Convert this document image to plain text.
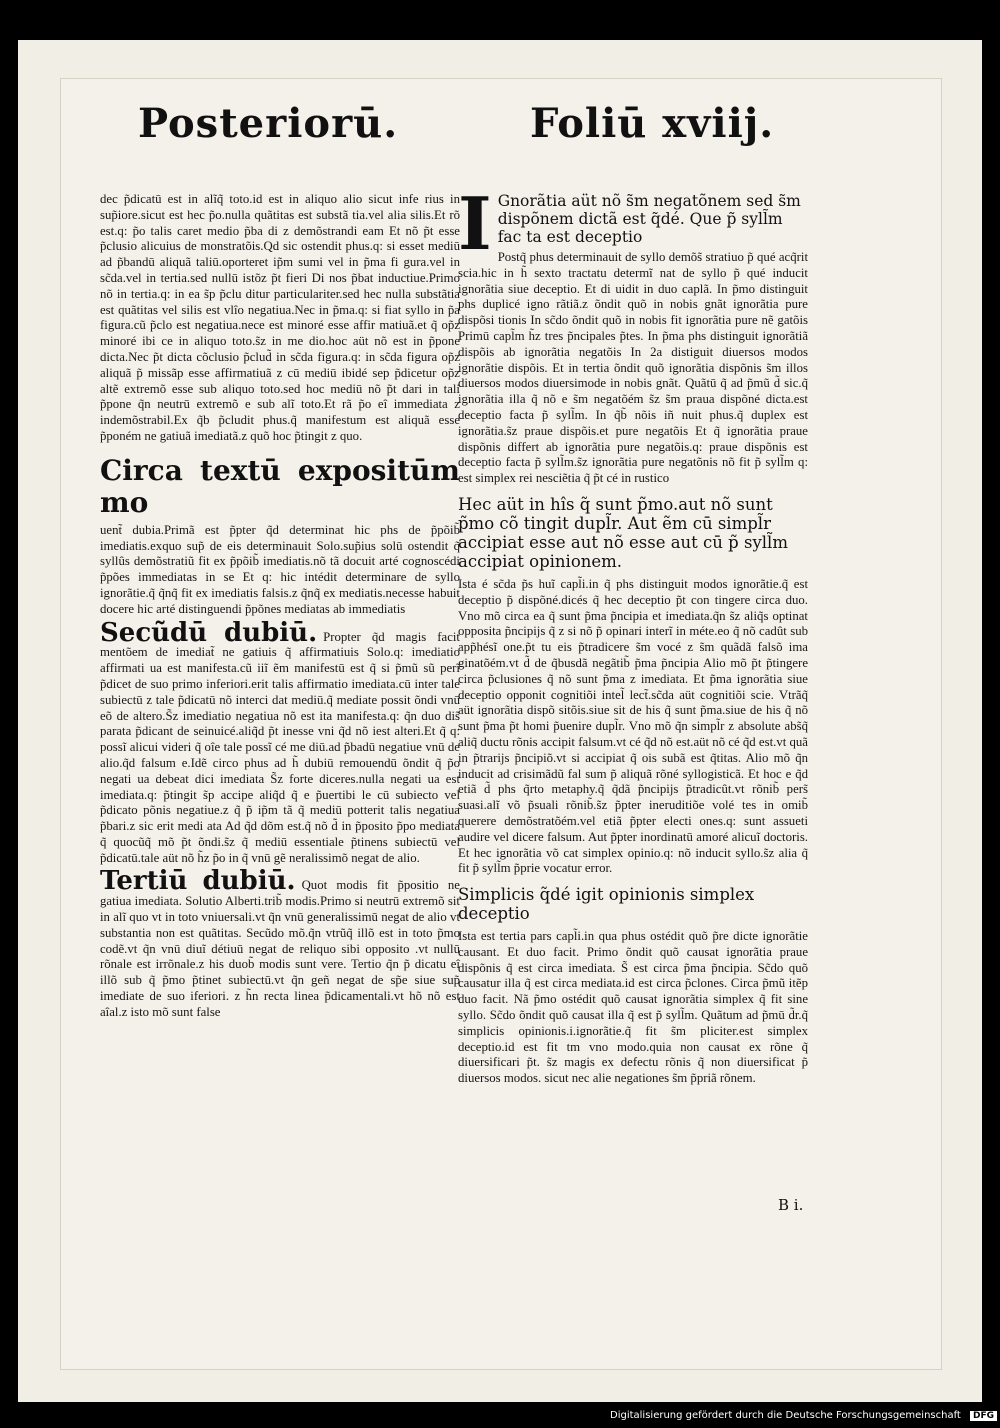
Posteriorū.	Foliū xviij.

dec p̃dicatū est in alĩq̃ toto.id est in aliquo alio sicut infe rius in sup̃iore.sicut est hec p̃o.nulla quãtitas est substã tia.vel alia silis.Et rõ est.q: p̃o talis caret medio p̃ba di z demõstrandi eam Et nõ p̃t esse p̃clusio alicuius de monstratõis.Qd sic ostendit phus.q: si esset mediū ad p̃bandū aliquã taliū.oporteret ip̃m sumi vel in p̃ma fi gura.vel in sc̃da.vel in tertia.sed nullū istõz p̃t fieri Di nos p̃bat inductiue.Primo nõ in tertia.q: in ea s̃p p̃clu ditur particulariter.sed hec nulla substãtia est quãtitas vel silis est vlîo negatiua.Nec in p̃ma.q: si fiat syllo in p̃a figura.cũ p̃clo est negatiua.nece est minoré esse affir matiuã.et q̃ op̃z minoré ibi ce in aliquo toto.s̃z in me dio.hoc aüt nõ est in p̃pone dicta.Nec p̃t dicta cõclusio p̃clud̃ in sc̃da figura.q: in sc̃da figura op̃z aliquã p̃ missãp esse affirmatiuã z cū mediū ibidé sep p̃dicetur op̃z altẽ extremõ esse sub aliquo toto.sed hoc mediū nõ p̃t dari in tali p̃pone q̃n neutrū extremõ e sub alĩ toto.Et rã p̃o eî immediata z indemõstrabil.Ex q̃b p̃cludit phus.q̃ manifestum est aliquã esse p̃poném ne gatiuã imediatã.z quõ hoc p̃tingit z quo.

Circa textū expositūm mo

uent̃ dubia.Primã est p̃pter q̃d determinat hic phs de p̃põib̃ imediatis.exquo sup̃ de eis determinauit Solo.sup̃ius solū ostendit q̃ syllûs demõstratiũ fit ex p̃põib̃ imediatis.nõ tã docuit arté cognoscédi p̃pões immediatas in se Et q: hic intédit determinare de syllo ignorãtie.q̃ q̃nq̃ fit ex imediatis falsis.z q̃nq̃ ex mediatis.necesse habuit docere hic arté distinguendi p̃põnes mediatas ab immediatis

Secũdū dubiū. Propter q̃d magis facit mentõem de imediat̃ ne gatiuis q̃ affirmatiuis Solo.q: imediatio affirmati ua est manifesta.cũ iiĩ ẽm manifestū est q̃ si p̃mũ sũ perĩ p̃dicet de suo primo inferiori.erit talis affirmatio imediata.cū inter tale subiectū z tale p̃dicatū nõ interci dat mediū.q̃ mediate possit õndi vnū eõ de altero.S̃z imediatio negatiua nõ est ita manifesta.q: q̃n duo dis̃ parata p̃dicant de seinuicé.aliq̃d p̃t inesse vni q̃d nõ iest alteri.Et q̃ q: possĩ alicui videri q̃ oîe tale possĩ cé me diū.ad p̃badū negatiue vnū de alio.q̃d falsum e.Idẽ circo phus ad h̃ dubiū remouendū õndit q̃ p̃o negati ua debeat dici imediata S̃z forte diceres.nulla negati ua est imediata.q: p̃tingit s̃p accipe aliq̃d q̃ e p̃uertibi le cū subiecto vel p̃dicato põnis negatiue.z q̃ p̃ ip̃m tã q̃ mediū potterit talis negatiua p̃bari.z sic erit medi ata Ad q̃d dõm est.q̃ nõ d̃ in p̃posito p̃po mediata q̃ quocũq̃ mõ p̃t õndi.s̃z q̃ mediū essentiale p̃tinens subiectū vel p̃dicatū.tale aüt nõ h̃z p̃o in q̃ vnū gẽ neralissimõ negat de alio.
Tertiū dubiū. Quot modis fit p̃positio ne gatiua imediata. Solutio Alberti.trib̃ modis.Primo si neutrū extremõ sit in alĩ quo vt in toto vniuersali.vt q̃n vnū generalissimū negat de alio vt substantia non est quãtitas. Secũdo mõ.q̃n vtrũq̃ illõ est in toto p̃mo codẽ.vt q̃n vnū diuĩ détiuū negat de reliquo sibi opposito .vt nullū rõnale est irrõnale.z his duob̃ modis sunt vere. Tertio q̃n p̃ dicatu eî illõ sub q̃ p̃mo p̃tinet subiectū.vt q̃n geñ negat de sp̃e siue sup̃ imediate de suo iferiori. z h̃n recta linea p̃dicamentali.vt hõ nõ est aîal.z isto mõ sunt false
I Gnorãtia aüt nõ s̃m negatõnem sed s̃m dispõnem dictã est q̃dé. Que p̃ syll̃m fac ta est deceptio

Postq̃ phus determinauit de syllo demõs̃ stratiuo p̃ qué acq̃rit scia.hic in h̃ sexto tractatu determĩ nat de syllo p̃ qué inducit ignorãtia siue deceptio. Et di uidit in duo caplã. In p̃mo distinguit phs duplicé igno rãtiã.z õndit quõ in nobis gnãt ignorãtia pure dispõsi tionis In sc̃do õndit quõ in nobis fit ignorãtia pure nẽ gatõis Primū capl̃m h̃z tres p̃ncipales p̃tes. In p̃ma phs distinguit ignorãtiã dispõis ab ignorãtia negatõis In 2a distiguit diuersos modos ignorãtie dispõis. Et in tertia õndit quõ ignorãtia dispõnis s̃m illos diuersos modos diuersimode in nobis gnãt. Quãtū q̃ ad p̃mũ d̃ sic.q̃ ignorãtia illa q̃ nõ e s̃m negatõém s̃z s̃m praua dispõné dicta.est deceptio facta p̃ syll̃m. In q̃b̃ nõis iñ nuit phus.q̃ duplex est ignorãtia.s̃z praue dispõis.et pure negatõis Et q̃ ignorãtia praue dispõnis differt ab ignorãtia pure negatõis.q: praue dispõnis est deceptio facta p̃ syll̃m.s̃z ignorãtia pure negatõnis nõ fit p̃ syll̃m q: est simplex rei nesciẽtia q̃ p̃t cé in rustico

Hec aüt in hîs q̃ sunt p̃mo.aut nõ sunt p̃mo cõ tingit dupl̃r. Aut ẽm cū simpl̃r accipiat esse aut nõ esse aut cū p̃ syll̃m accipiat opinionem.

Ista é sc̃da p̃s huĩ capl̃i.in q̃ phs distinguit modos ignorãtie.q̃ est deceptio p̃ dispõné.dicés q̃ hec deceptio p̃t con tingere circa duo. Vno mõ circa ea q̃ sunt p̃ma p̃ncipia et imediata.q̃n s̃z aliq̃s optinat opposita p̃ncipijs q̃ z si nõ p̃ opinari interĩ in méte.eo q̃ nõ cadût sub app̃hésĩ one.p̃t tu eis p̃tradicere s̃m vocé z s̃m quãdã falsõ ima ginatõém.vt d̃ de q̃busdã negãtib̃ p̃ma p̃ncipia Alio mõ p̃t p̃tingere circa p̃clusiones q̃ nõ sunt p̃ma z imediata. Et p̃ma ignorãtia siue deceptio opponit cognitiõi intel̃ lect̃.sc̃da aüt cognitiõi scie. Vtrãq̃ aüt ignorãtia dispõ sitõis.siue sit de his q̃ sunt p̃ma.siue de his q̃ nõ sunt p̃ma p̃t homi p̃uenire dupl̃r. Vno mõ q̃n simpl̃r z absolute abs̃q̃ aliq̃ ductu rõnis accipit falsum.vt cé q̃d nõ est.aüt nõ cé q̃d est.vt quã in p̃trarijs p̃ncipiõ.vt si accipiat q̃ ois subã est q̃titas. Alio mõ q̃n inducit ad crisimãdũ fal sum p̃ aliquã rõné syllogisticã. Et hoc e q̃d etiã d̃ phs q̃rto metaphy.q̃ q̃dã p̃ncipijs p̃tradicût.vt rõnib̃ pers̃ suasi.alĩ võ p̃suali rõnib̃.s̃z p̃pter ineruditiõe volé tes in omib̃ querere demõstratõém.vel etiã p̃pter electi ones.q: sunt assueti audire vel dicere falsum. Aut p̃pter inordinatū amoré alicuĩ doctoris. Et hec ignorãtia võ cat simplex opinio.q: nõ inducit syllo.s̃z alia q̃ fit p̃ syll̃m p̃prie vocatur error.

Simplicis q̃dé igit opinionis simplex deceptio

Ista est tertia pars capl̃i.in qua phus ostédit quõ p̃re dicte ignorãtie causant. Et duo facit. Primo õndit quõ causat ignorãtia praue dispõnis q̃ est circa imediata. S̃ est circa p̃ma p̃ncipia. Sc̃do quõ causatur illa q̃ est circa mediata.id est circa p̃clones. Circa p̃mũ itẽp duo facit. Nã p̃mo ostédit quõ causat ignorãtia simplex q̃ fit sine syllo. Sc̃do õndit quõ causat illa q̃ est p̃ syll̃m. Quãtum ad p̃mū d̃r.q̃ simplicis opinionis.i.ignorãtie.q̃ fit s̃m pliciter.est simplex deceptio.id est fit tm vno modo.quia non causat ex rõne q̃ diuersificari p̃t. s̃z magis ex defectu rõnis q̃ non diuersificat p̃ diuersos modos. sicut nec alie negationes s̃m p̃priã rõnem.

B i.
Digitalisierung gefördert durch die Deutsche Forschungsgemeinschaft DFG
